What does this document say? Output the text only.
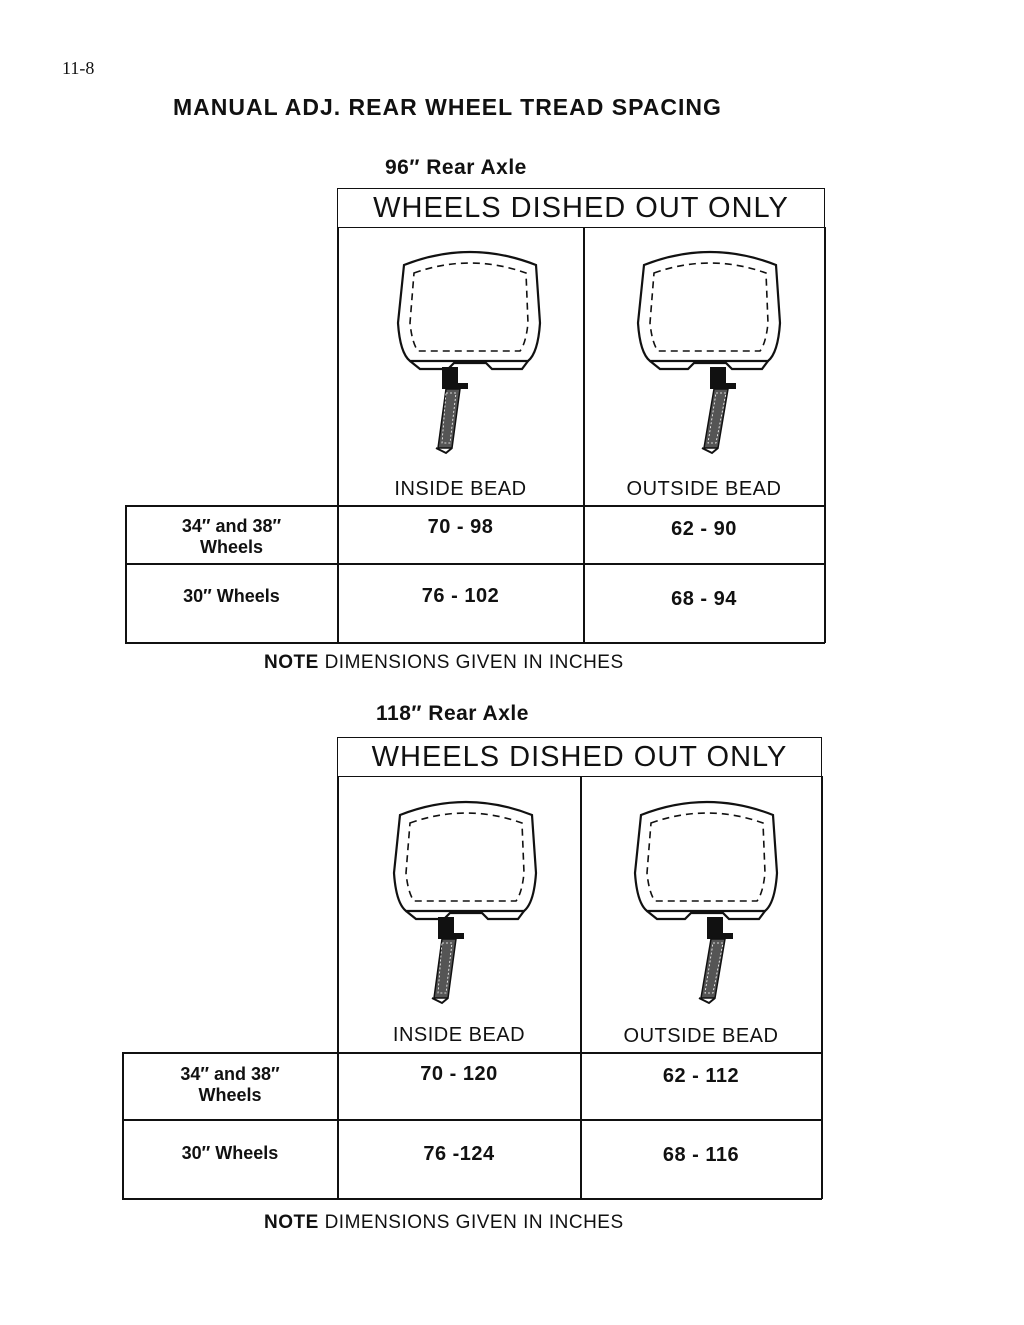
11-8
MANUAL ADJ. REAR WHEEL TREAD SPACING
96″ Rear Axle
WHEELS DISHED OUT ONLY
INSIDE BEAD	OUTSIDE BEAD
34″ and 38″
Wheels
70 - 98	62 - 90
30″ Wheels	76 - 102	68 - 94
NOTE DIMENSIONS GIVEN IN INCHES
118″ Rear Axle
WHEELS DISHED OUT ONLY
INSIDE BEAD	OUTSIDE BEAD
34″ and 38″
Wheels
70 - 120	62 - 112
30″ Wheels	76 -124	68 - 116
NOTE DIMENSIONS GIVEN IN INCHES
